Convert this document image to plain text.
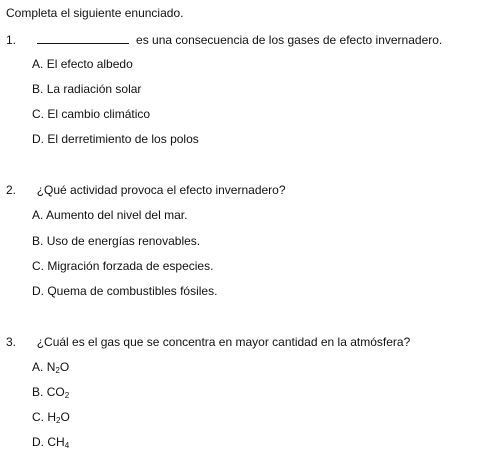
Completa el siguiente enunciado.
1.	es una consecuencia de los gases de efecto invernadero.
A. El efecto albedo
B. La radiación solar
C. El cambio climático
D. El derretimiento de los polos
2. ¿Qué actividad provoca el efecto invernadero?
A. Aumento del nivel del mar.
B. Uso de energías renovables.
C. Migración forzada de especies.
D. Quema de combustibles fósiles.
3. ¿Cuál es el gas que se concentra en mayor cantidad en la atmósfera?
A. $N_2O$
B. $CO_2$
C. $H_2O$
D. $CH_4$
